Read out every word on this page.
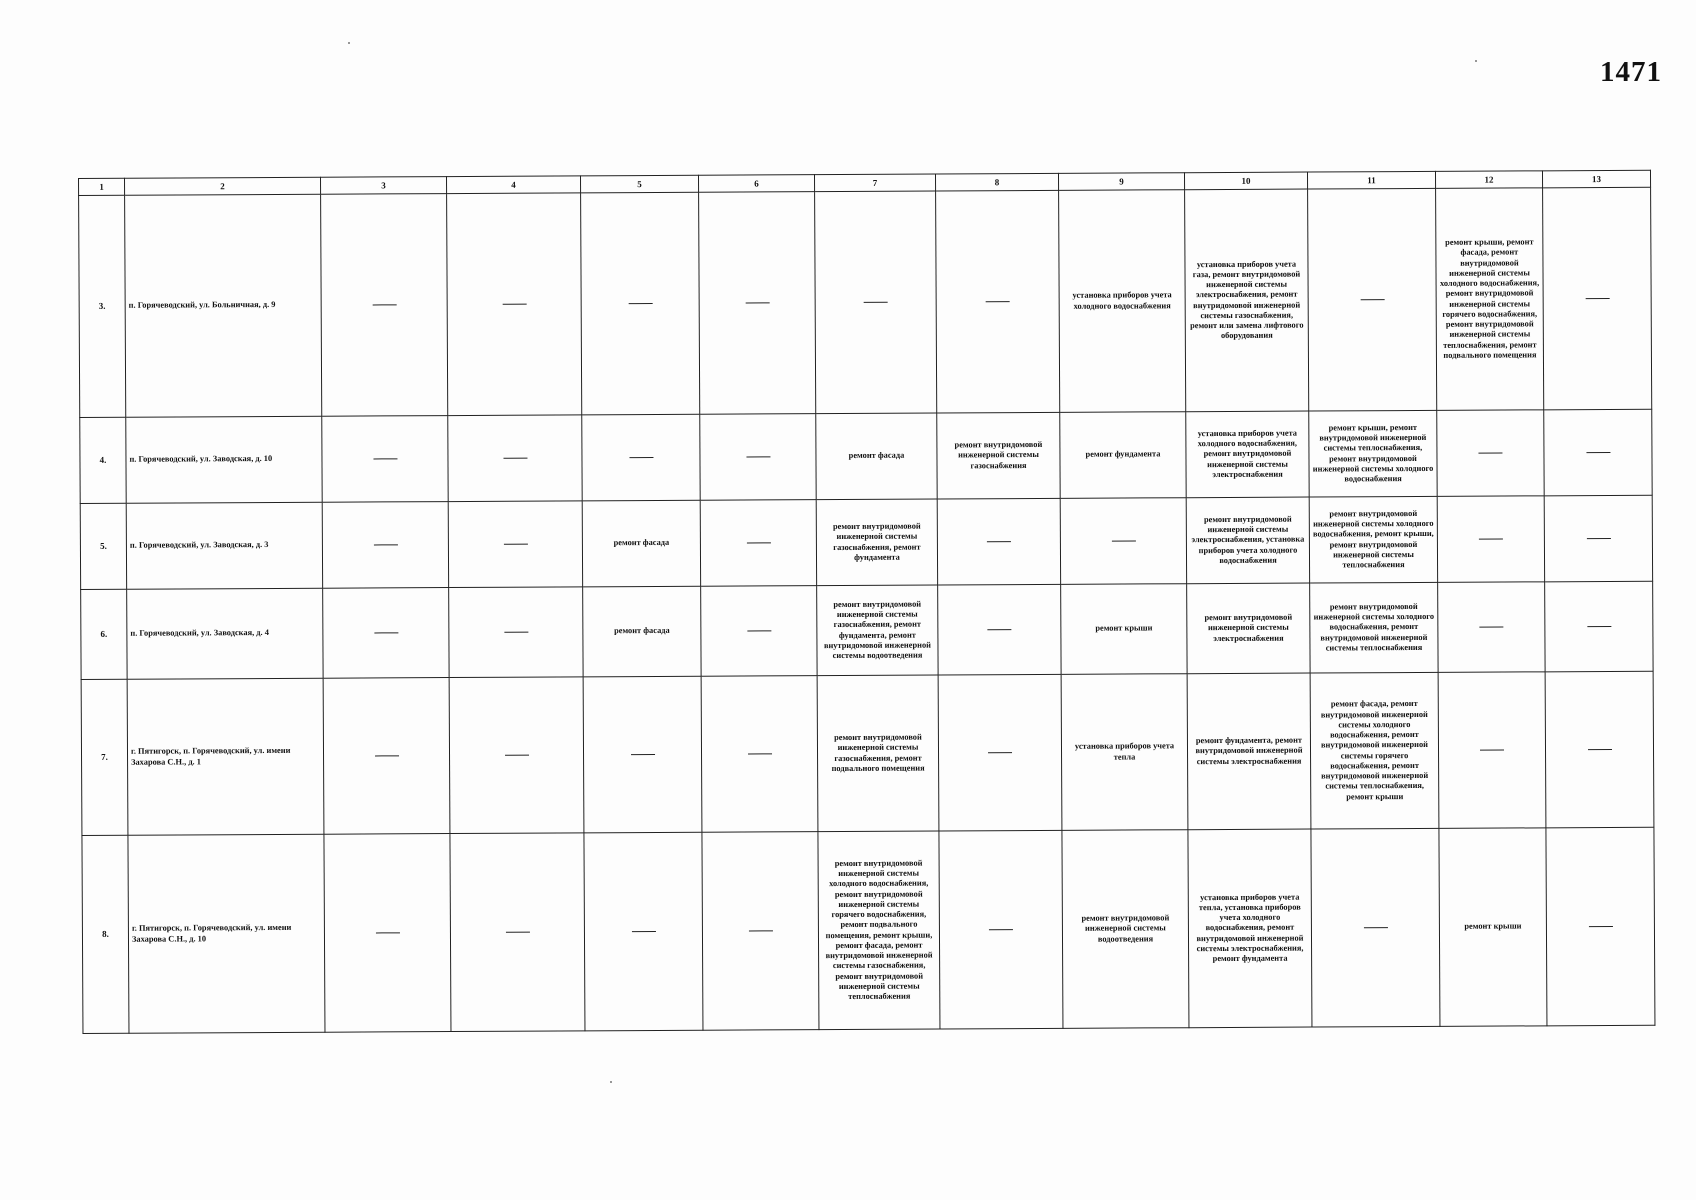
1471
1	2	3	4	5	6	7	8	9	10	11	12	13
3.	п. Горячеводский, ул. Больничная, д. 9							установка приборов учета холодного водоснабжения	установка приборов учета газа, ремонт внутридомовой инженерной системы электроснабжения, ремонт внутридомовой инженерной системы газоснабжения, ремонт или замена лифтового оборудования		ремонт крыши, ремонт фасада, ремонт внутридомовой инженерной системы холодного водоснабжения, ремонт внутридомовой инженерной системы горячего водоснабжения, ремонт внутридомовой инженерной системы теплоснабжения, ремонт подвального помещения	
4.	п. Горячеводский, ул. Заводская, д. 10					ремонт фасада	ремонт внутридомовой инженерной системы газоснабжения	ремонт фундамента	установка приборов учета холодного водоснабжения, ремонт внутридомовой инженерной системы электроснабжения	ремонт крыши, ремонт внутридомовой инженерной системы теплоснабжения, ремонт внутридомовой инженерной системы холодного водоснабжения		
5.	п. Горячеводский, ул. Заводская, д. 3			ремонт фасада		ремонт внутридомовой инженерной системы газоснабжения, ремонт фундамента			ремонт внутридомовой инженерной системы электроснабжения, установка приборов учета холодного водоснабжения	ремонт внутридомовой инженерной системы холодного водоснабжения, ремонт крыши, ремонт внутридомовой инженерной системы теплоснабжения		
6.	п. Горячеводский, ул. Заводская, д. 4			ремонт фасада		ремонт внутридомовой инженерной системы газоснабжения, ремонт фундамента, ремонт внутридомовой инженерной системы водоотведения		ремонт крыши	ремонт внутридомовой инженерной системы электроснабжения	ремонт внутридомовой инженерной системы холодного водоснабжения, ремонт внутридомовой инженерной системы теплоснабжения		
7.	г. Пятигорск, п. Горячеводский, ул. имени Захарова С.Н., д. 1					ремонт внутридомовой инженерной системы газоснабжения, ремонт подвального помещения		установка приборов учета тепла	ремонт фундамента, ремонт внутридомовой инженерной системы электроснабжения	ремонт фасада, ремонт внутридомовой инженерной системы холодного водоснабжения, ремонт внутридомовой инженерной системы горячего водоснабжения, ремонт внутридомовой инженерной системы теплоснабжения, ремонт крыши		
8.	г. Пятигорск, п. Горячеводский, ул. имени Захарова С.Н., д. 10					ремонт внутридомовой инженерной системы холодного водоснабжения, ремонт внутридомовой инженерной системы горячего водоснабжения, ремонт подвального помещения, ремонт крыши, ремонт фасада, ремонт внутридомовой инженерной системы газоснабжения, ремонт внутридомовой инженерной системы теплоснабжения		ремонт внутридомовой инженерной системы водоотведения	установка приборов учета тепла, установка приборов учета холодного водоснабжения, ремонт внутридомовой инженерной системы электроснабжения, ремонт фундамента		ремонт крыши	
